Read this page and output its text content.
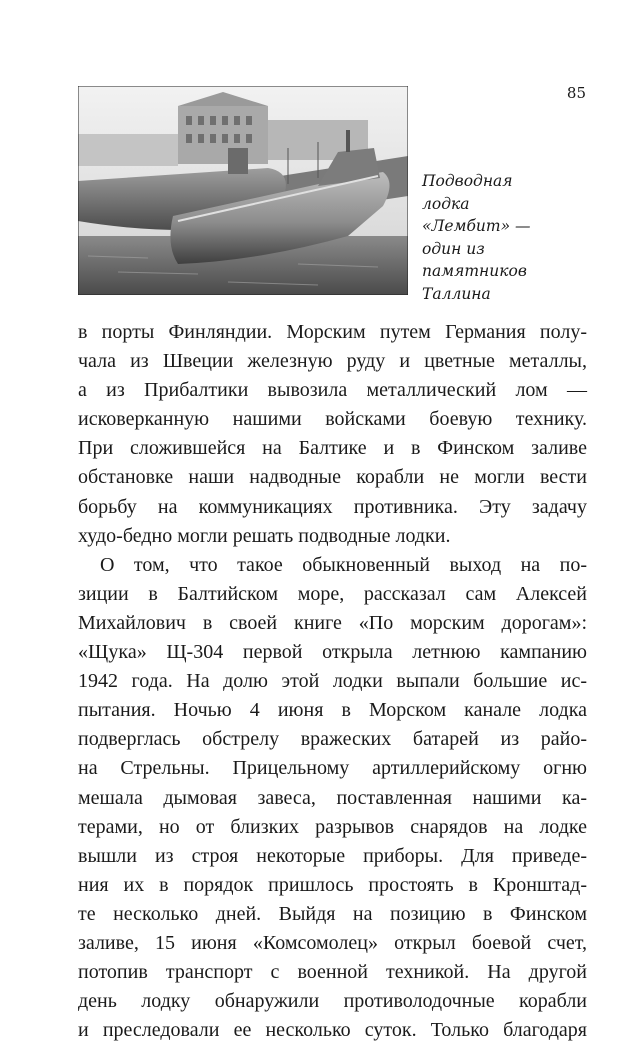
85
Подводная
лодка
«Лембит» —
один из
памятников
Таллина
в порты Финляндии. Морским путем Германия полу-
чала из Швеции железную руду и цветные металлы,
а из Прибалтики вывозила металлический лом —
исковерканную нашими войсками боевую технику.
При сложившейся на Балтике и в Финском заливе
обстановке наши надводные корабли не могли вести
борьбу на коммуникациях противника. Эту задачу
худо-бедно могли решать подводные лодки.
О том, что такое обыкновенный выход на по-
зиции в Балтийском море, рассказал сам Алексей
Михайлович в своей книге «По морским дорогам»:
«Щука» Щ-304 первой открыла летнюю кампанию
1942 года. На долю этой лодки выпали большие ис-
пытания. Ночью 4 июня в Морском канале лодка
подверглась обстрелу вражеских батарей из райо-
на Стрельны. Прицельному артиллерийскому огню
мешала дымовая завеса, поставленная нашими ка-
терами, но от близких разрывов снарядов на лодке
вышли из строя некоторые приборы. Для приведе-
ния их в порядок пришлось простоять в Кронштад-
те несколько дней. Выйдя на позицию в Финском
заливе, 15 июня «Комсомолец» открыл боевой счет,
потопив транспорт с военной техникой. На другой
день лодку обнаружили противолодочные корабли
и преследовали ее несколько суток. Только благодаря
